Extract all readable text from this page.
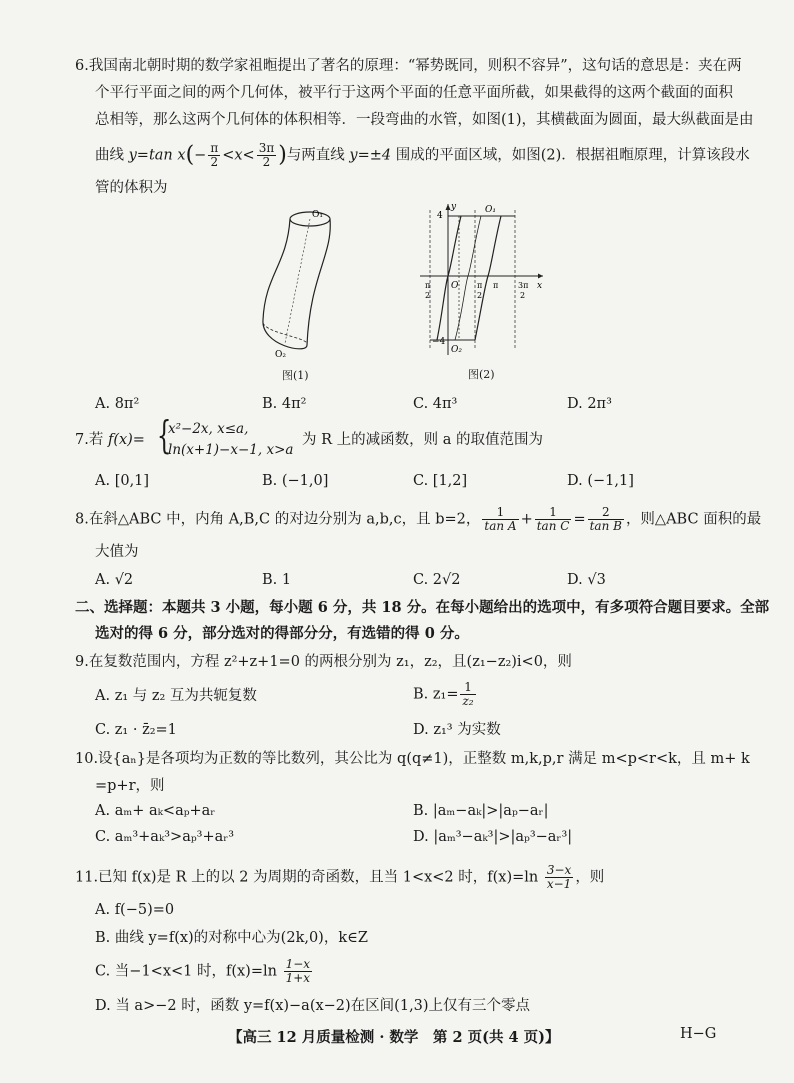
6.我国南北朝时期的数学家祖暅提出了著名的原理：“幂势既同，则积不容异”，这句话的意思是：夹在两
个平行平面之间的两个几何体，被平行于这两个平面的任意平面所截，如果截得的这两个截面的面积
总相等，那么这两个几何体的体积相等．一段弯曲的水管，如图(1)，其横截面为圆面，最大纵截面是由
曲线 y=tan $x(- \frac{\pi}{2} <x< \frac{3\pi}{2}$ )与两直线 y=±4 围成的平面区域，如图(2)．根据祖暅原理，计算该段水
管的体积为
O₁
O₂
图(1)
y
x
4
−4
O
O₁
O₂
π
2
π
2
π 3π
2
图(2)
A. 8π²	B. 4π²	C. 4π³	D. 2π³
7.若 f(x)= {
x²−2x, x≤a,
ln(x+1)−x−1, x>a
为 R 上的减函数，则 a 的取值范围为
A. [0,1]	B. (−1,0]	C. [1,2]	D. (−1,1]
8.在斜△ABC 中，内角 A,B,C 的对边分别为 a,b,c，且 b=2， $\frac{1}{\text{tan A}} + \frac{1}{\text{tan C}} = \frac{2}{\text{tan B}}$ ，则△ABC 面积的最
大值为
A. √2	B. 1	C. 2√2	D. √3
二、选择题：本题共 3 小题，每小题 6 分，共 18 分。在每小题给出的选项中，有多项符合题目要求。全部
选对的得 6 分，部分选对的得部分分，有选错的得 0 分。
9.在复数范围内，方程 z²+z+1=0 的两根分别为 z₁，z₂，且(z₁−z₂)i<0，则
A. z₁ 与 z₂ 互为共轭复数	B. $z_1= \frac{1}{\text{z₂}}$
C. z₁ · z̄₂=1	D. z₁³ 为实数
10.设{aₙ}是各项均为正数的等比数列，其公比为 q(q≠1)，正整数 m,k,p,r 满足 m<p<r<k，且 m+ k
=p+r，则
A. aₘ+ aₖ<aₚ+aᵣ	B. |aₘ−aₖ|>|aₚ−aᵣ|
C. aₘ³+aₖ³>aₚ³+aᵣ³	D. |aₘ³−aₖ³|>|aₚ³−aᵣ³|
11.已知 f(x)是 R 上的以 2 为周期的奇函数，且当 1<x<2 时，$f(x)=\ln \frac{3-x}{x-1}$ ，则
A. f(−5)=0
B. 曲线 y=f(x)的对称中心为(2k,0)，k∈Z
C. 当−1<x<1 时，$f(x)=\ln \frac{1-x}{1+x}$
D. 当 a>−2 时，函数 y=f(x)−a(x−2)在区间(1,3)上仅有三个零点
【高三 12 月质量检测 · 数学　第 2 页(共 4 页)】	H−G
